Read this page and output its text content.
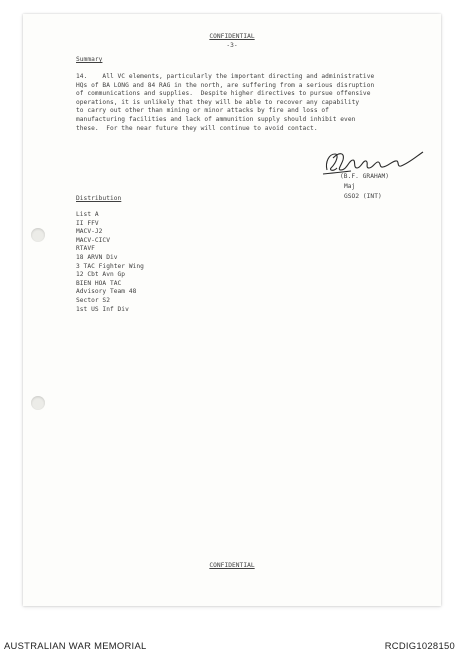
CONFIDENTIAL
-3-
Summary
14.    All VC elements, particularly the important directing and administrative
HQs of BA LONG and 84 RAG in the north, are suffering from a serious disruption
of communications and supplies.  Despite higher directives to pursue offensive
operations, it is unlikely that they will be able to recover any capability
to carry out other than mining or minor attacks by fire and loss of
manufacturing facilities and lack of ammunition supply should inhibit even
these.  For the near future they will continue to avoid contact.
(B.F. GRAHAM)
Maj
GSO2 (INT)
Distribution
List A
II FFV
MACV-J2
MACV-CICV
RTAVF
18 ARVN Div
3 TAC Fighter Wing
12 Cbt Avn Gp
BIEN HOA TAC
Advisory Team 48
Sector S2
1st US Inf Div
CONFIDENTIAL
AUSTRALIAN WAR MEMORIAL	RCDIG1028150
